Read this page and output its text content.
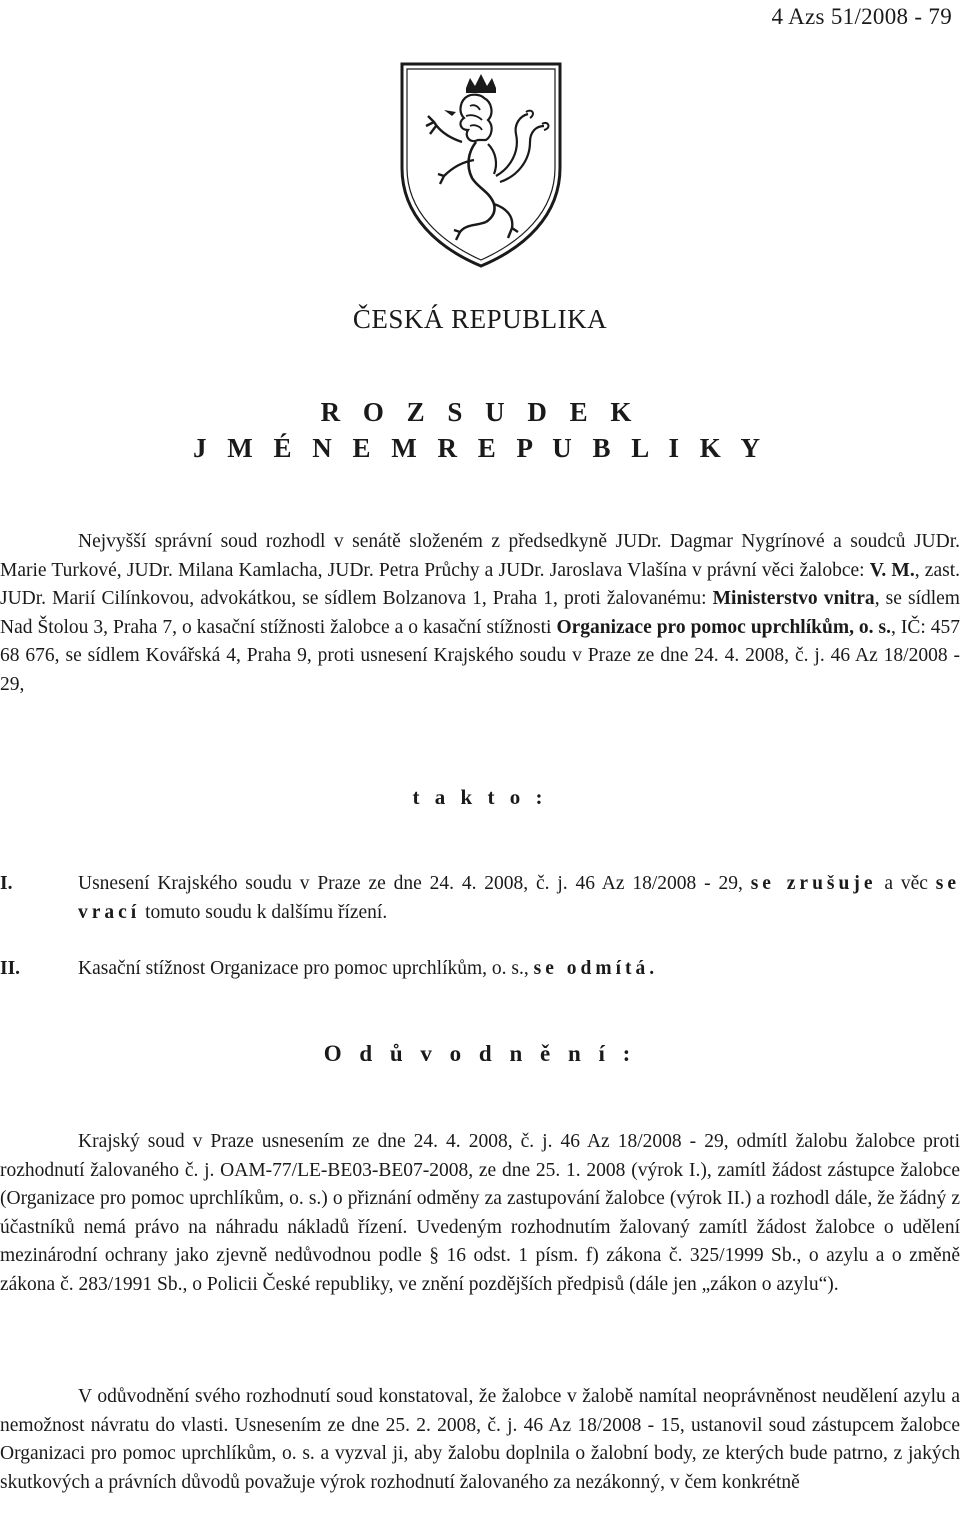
4 Azs 51/2008 - 79
ČESKÁ REPUBLIKA
R O Z S U D E K
J M É N E M R E P U B L I K Y

Nejvyšší správní soud rozhodl v senátě složeném z předsedkyně JUDr. Dagmar Nygrínové a soudců JUDr. Marie Turkové, JUDr. Milana Kamlacha, JUDr. Petra Průchy a JUDr. Jaroslava Vlašína v právní věci žalobce: V. M., zast. JUDr. Marií Cilínkovou, advokátkou, se sídlem Bolzanova 1, Praha 1, proti žalovanému: Ministerstvo vnitra, se sídlem Nad Štolou 3, Praha 7, o kasační stížnosti žalobce a o kasační stížnosti Organizace pro pomoc uprchlíkům, o. s., IČ: 457 68 676, se sídlem Kovářská 4, Praha 9, proti usnesení Krajského soudu v Praze ze dne 24. 4. 2008, č. j. 46 Az 18/2008 - 29,

t a k t o :
I.	Usnesení Krajského soudu v Praze ze dne 24. 4. 2008, č. j. 46 Az 18/2008 - 29, se zrušuje a věc se vrací tomuto soudu k dalšímu řízení.
II.	Kasační stížnost Organizace pro pomoc uprchlíkům, o. s., se odmítá.
O d ů v o d n ě n í :

Krajský soud v Praze usnesením ze dne 24. 4. 2008, č. j. 46 Az 18/2008 - 29, odmítl žalobu žalobce proti rozhodnutí žalovaného č. j. OAM-77/LE-BE03-BE07-2008, ze dne 25. 1. 2008 (výrok I.), zamítl žádost zástupce žalobce (Organizace pro pomoc uprchlíkům, o. s.) o přiznání odměny za zastupování žalobce (výrok II.) a rozhodl dále, že žádný z účastníků nemá právo na náhradu nákladů řízení. Uvedeným rozhodnutím žalovaný zamítl žádost žalobce o udělení mezinárodní ochrany jako zjevně nedůvodnou podle § 16 odst. 1 písm. f) zákona č. 325/1999 Sb., o azylu a o změně zákona č. 283/1991 Sb., o Policii České republiky, ve znění pozdějších předpisů (dále jen „zákon o azylu“).

V odůvodnění svého rozhodnutí soud konstatoval, že žalobce v žalobě namítal neoprávněnost neudělení azylu a nemožnost návratu do vlasti. Usnesením ze dne 25. 2. 2008, č. j. 46 Az 18/2008 - 15, ustanovil soud zástupcem žalobce Organizaci pro pomoc uprchlíkům, o. s. a vyzval ji, aby žalobu doplnila o žalobní body, ze kterých bude patrno, z jakých skutkových a právních důvodů považuje výrok rozhodnutí žalovaného za nezákonný, v čem konkrétně
